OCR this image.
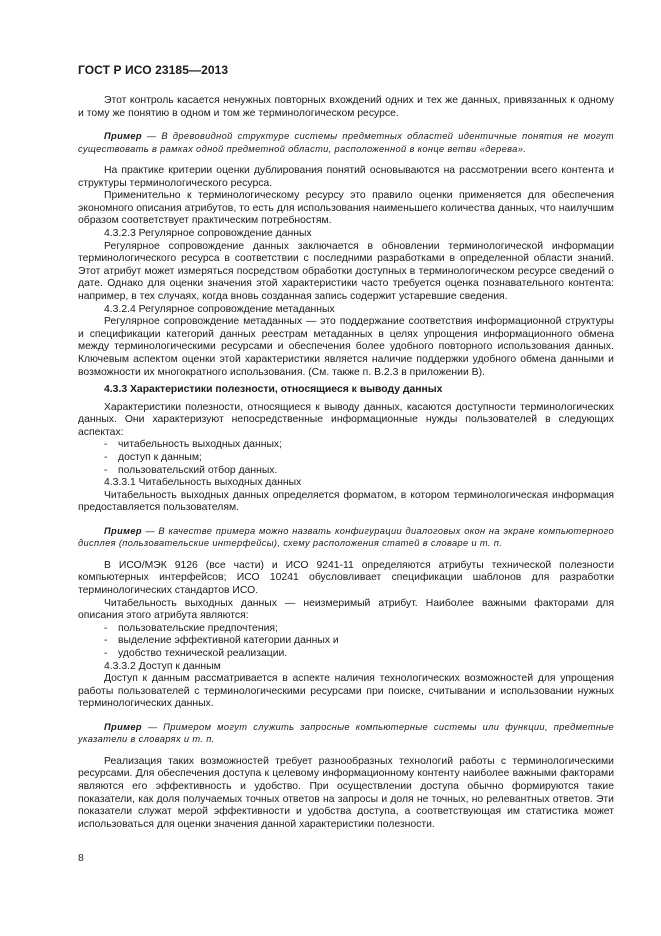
ГОСТ Р ИСО 23185—2013

Этот контроль касается ненужных повторных вхождений одних и тех же данных, привязанных к одному и тому же понятию в одном и том же терминологическом ресурсе.

Пример — В древовидной структуре системы предметных областей идентичные понятия не могут существовать в рамках одной предметной области, расположенной в конце ветви «дерева».

На практике критерии оценки дублирования понятий основываются на рассмотрении всего контента и структуры терминологического ресурса.

Применительно к терминологическому ресурсу это правило оценки применяется для обеспечения экономного описания атрибутов, то есть для использования наименьшего количества данных, что наилучшим образом соответствует практическим потребностям.

4.3.2.3 Регулярное сопровождение данных

Регулярное сопровождение данных заключается в обновлении терминологической информации терминологического ресурса в соответствии с последними разработками в определенной области знаний. Этот атрибут может измеряться посредством обработки доступных в терминологическом ресурсе сведений о дате. Однако для оценки значения этой характеристики часто требуется оценка познавательного контента: например, в тех случаях, когда вновь созданная запись содержит устаревшие сведения.

4.3.2.4 Регулярное сопровождение метаданных

Регулярное сопровождение метаданных — это поддержание соответствия информационной структуры и спецификации категорий данных реестрам метаданных в целях упрощения информационного обмена между терминологическими ресурсами и обеспечения более удобного повторного использования данных. Ключевым аспектом оценки этой характеристики является наличие поддержки удобного обмена данными и возможности их многократного использования. (См. также п. В.2.3 в приложении В).

4.3.3 Характеристики полезности, относящиеся к выводу данных

Характеристики полезности, относящиеся к выводу данных, касаются доступности терминологических данных. Они характеризуют непосредственные информационные нужды пользователей в следующих аспектах:

- читабельность выходных данных;
- доступ к данным;
- пользовательский отбор данных.

4.3.3.1 Читабельность выходных данных

Читабельность выходных данных определяется форматом, в котором терминологическая информация предоставляется пользователям.

Пример — В качестве примера можно назвать конфигурации диалоговых окон на экране компьютерного дисплея (пользовательские интерфейсы), схему расположения статей в словаре и т. п.

В ИСО/МЭК 9126 (все части) и ИСО 9241-11 определяются атрибуты технической полезности компьютерных интерфейсов; ИСО 10241 обусловливает спецификации шаблонов для разработки терминологических стандартов ИСО.

Читабельность выходных данных — неизмеримый атрибут. Наиболее важными факторами для описания этого атрибута являются:

- пользовательские предпочтения;
- выделение эффективной категории данных и
- удобство технической реализации.

4.3.3.2 Доступ к данным

Доступ к данным рассматривается в аспекте наличия технологических возможностей для упрощения работы пользователей с терминологическими ресурсами при поиске, считывании и использовании нужных терминологических данных.

Пример — Примером могут служить запросные компьютерные системы или функции, предметные указатели в словарях и т. п.

Реализация таких возможностей требует разнообразных технологий работы с терминологическими ресурсами. Для обеспечения доступа к целевому информационному контенту наиболее важными факторами являются его эффективность и удобство. При осуществлении доступа обычно формируются такие показатели, как доля получаемых точных ответов на запросы и доля не точных, но релевантных ответов. Эти показатели служат мерой эффективности и удобства доступа, а соответствующая им статистика может использоваться для оценки значения данной характеристики полезности.

8
